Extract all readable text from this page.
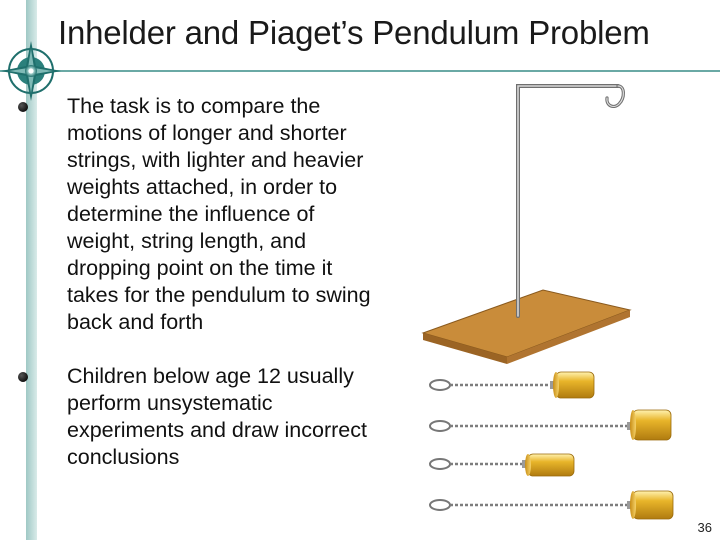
Inhelder and Piaget’s Pendulum Problem
The task is to compare the motions of longer and shorter strings, with lighter and heavier weights attached, in order to determine the influence of weight, string length, and dropping point on the time it takes for the pendulum to swing back and forth
Children below age 12 usually perform unsystematic experiments and draw incorrect conclusions
36
